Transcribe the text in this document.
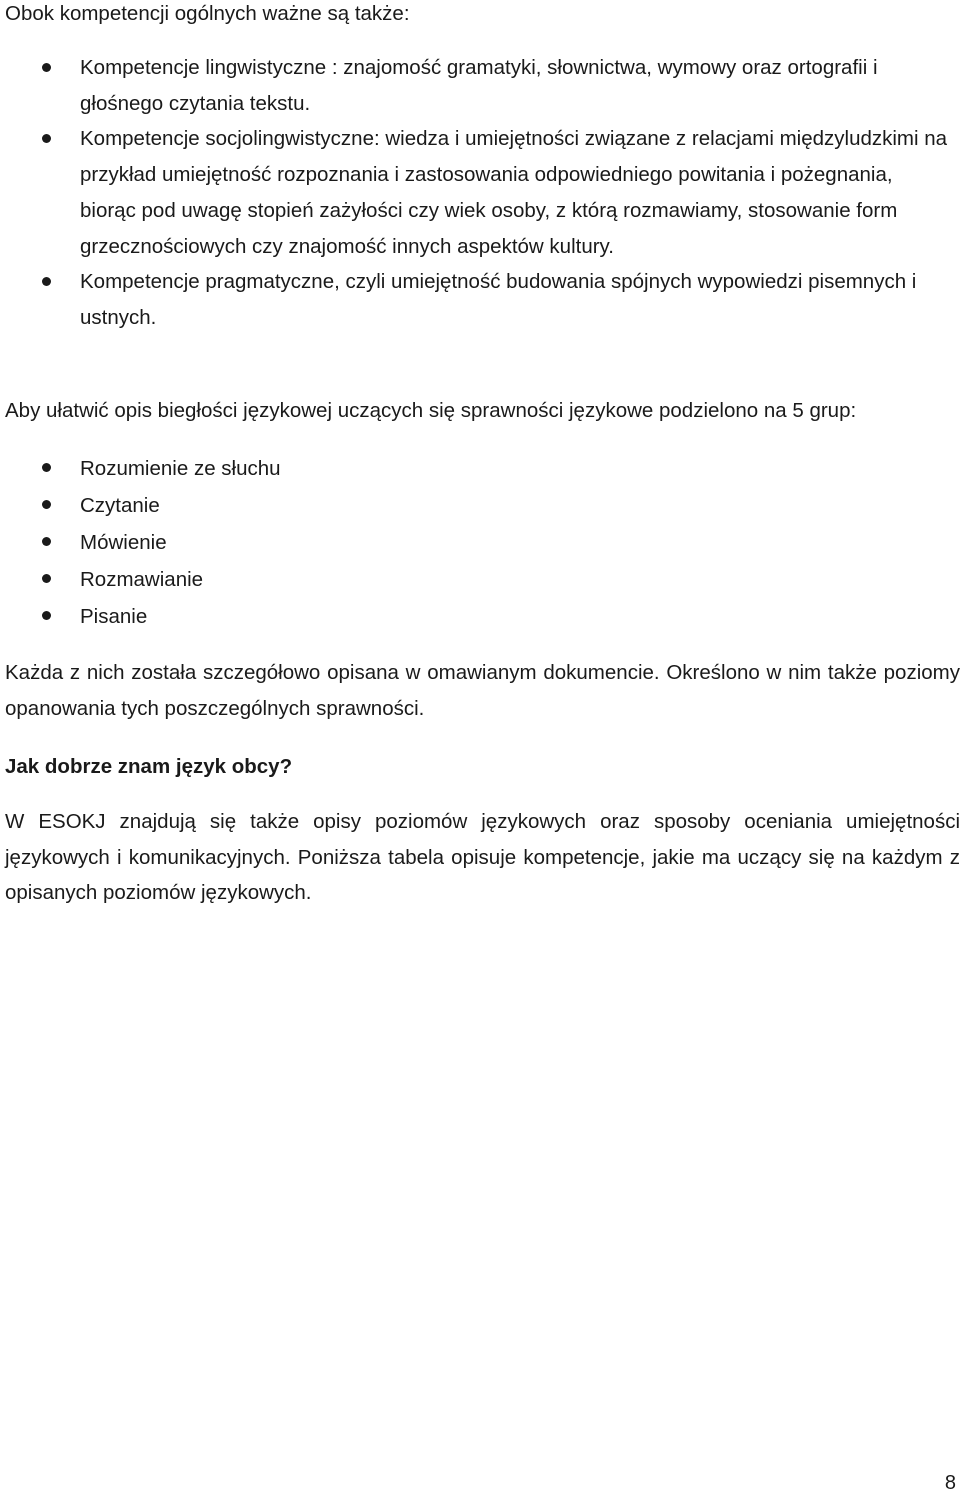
Obok kompetencji ogólnych ważne są także:

Kompetencje lingwistyczne : znajomość gramatyki, słownictwa, wymowy oraz ortografii i głośnego czytania tekstu.
Kompetencje socjolingwistyczne: wiedza i umiejętności związane z relacjami międzyludzkimi na przykład umiejętność rozpoznania i zastosowania odpowiedniego powitania i pożegnania, biorąc pod uwagę stopień zażyłości czy wiek osoby, z którą rozmawiamy, stosowanie form grzecznościowych czy znajomość innych aspektów kultury.
Kompetencje pragmatyczne, czyli umiejętność budowania spójnych wypowiedzi pisemnych i ustnych.

Aby ułatwić opis biegłości językowej uczących się sprawności językowe podzielono na 5 grup:

Rozumienie ze słuchu
Czytanie
Mówienie
Rozmawianie
Pisanie

Każda z nich została szczegółowo opisana w omawianym dokumencie. Określono w nim także poziomy opanowania tych poszczególnych sprawności.

Jak dobrze znam język obcy?

W ESOKJ znajdują się także opisy poziomów językowych oraz sposoby oceniania umiejętności językowych i komunikacyjnych. Poniższa tabela opisuje kompetencje, jakie ma uczący się na każdym z opisanych poziomów językowych.

8
